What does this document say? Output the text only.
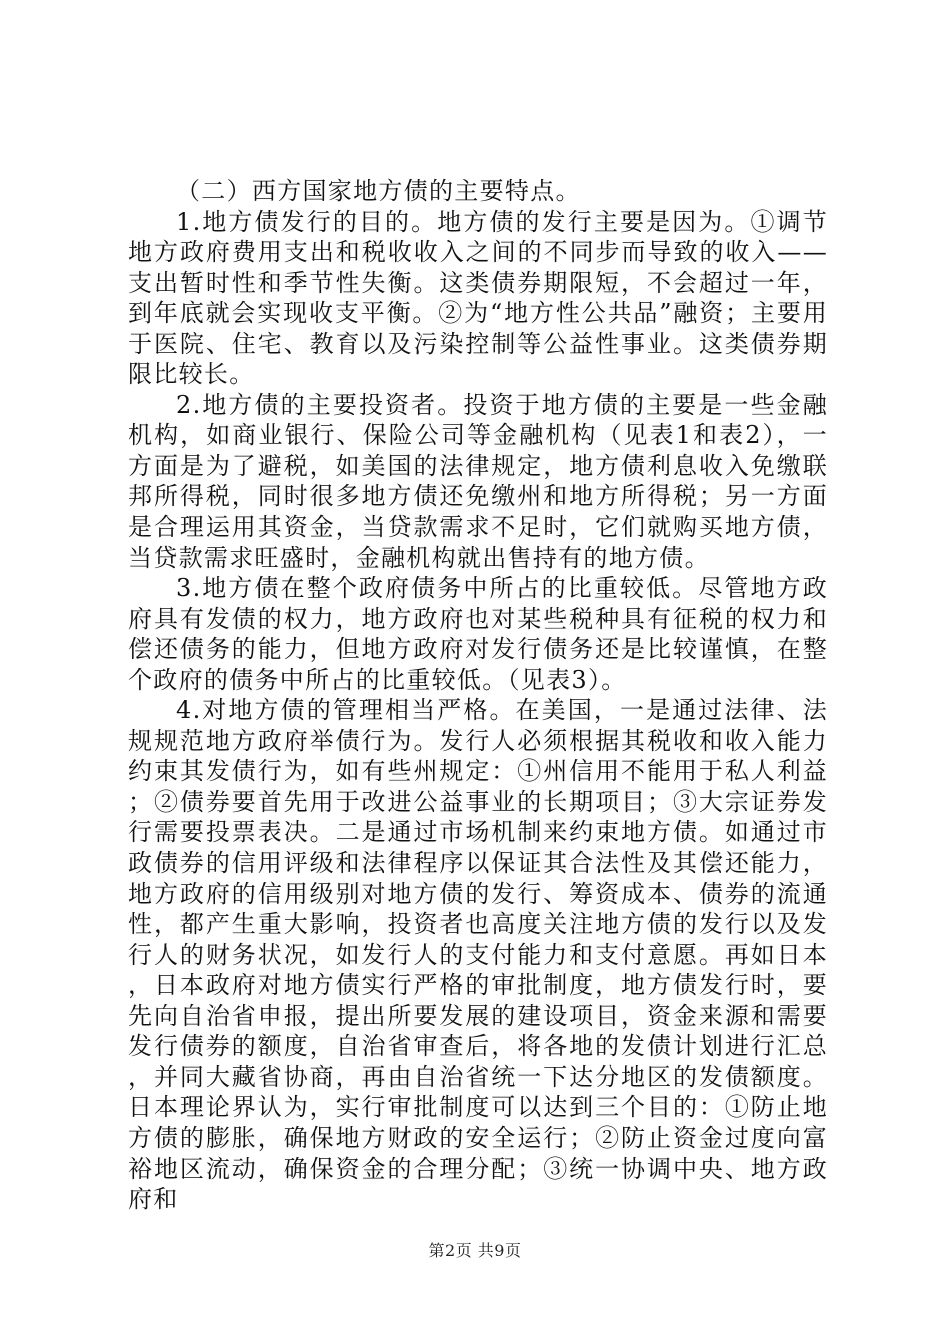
（二）西方国家地方债的主要特点。

1.地方债发行的目的。地方债的发行主要是因为。①调节地方政府费用支出和税收收入之间的不同步而导致的收入——支出暂时性和季节性失衡。这类债券期限短，不会超过一年，到年底就会实现收支平衡。②为“地方性公共品”融资；主要用于医院、住宅、教育以及污染控制等公益性事业。这类债券期限比较长。

2.地方债的主要投资者。投资于地方债的主要是一些金融机构，如商业银行、保险公司等金融机构（见表1和表2），一方面是为了避税，如美国的法律规定，地方债利息收入免缴联邦所得税，同时很多地方债还免缴州和地方所得税；另一方面是合理运用其资金，当贷款需求不足时，它们就购买地方债，当贷款需求旺盛时，金融机构就出售持有的地方债。

3.地方债在整个政府债务中所占的比重较低。尽管地方政府具有发债的权力，地方政府也对某些税种具有征税的权力和偿还债务的能力，但地方政府对发行债务还是比较谨慎，在整个政府的债务中所占的比重较低。（见表3）。

4.对地方债的管理相当严格。在美国，一是通过法律、法规规范地方政府举债行为。发行人必须根据其税收和收入能力约束其发债行为，如有些州规定：①州信用不能用于私人利益；②债券要首先用于改进公益事业的长期项目；③大宗证券发行需要投票表决。二是通过市场机制来约束地方债。如通过市政债券的信用评级和法律程序以保证其合法性及其偿还能力，地方政府的信用级别对地方债的发行、筹资成本、债券的流通性，都产生重大影响，投资者也高度关注地方债的发行以及发行人的财务状况，如发行人的支付能力和支付意愿。再如日本，日本政府对地方债实行严格的审批制度，地方债发行时，要先向自治省申报，提出所要发展的建设项目，资金来源和需要发行债券的额度，自治省审查后，将各地的发债计划进行汇总，并同大藏省协商，再由自治省统一下达分地区的发债额度。日本理论界认为，实行审批制度可以达到三个目的：①防止地方债的膨胀，确保地方财政的安全运行；②防止资金过度向富裕地区流动，确保资金的合理分配；③统一协调中央、地方政府和

第2页 共9页
